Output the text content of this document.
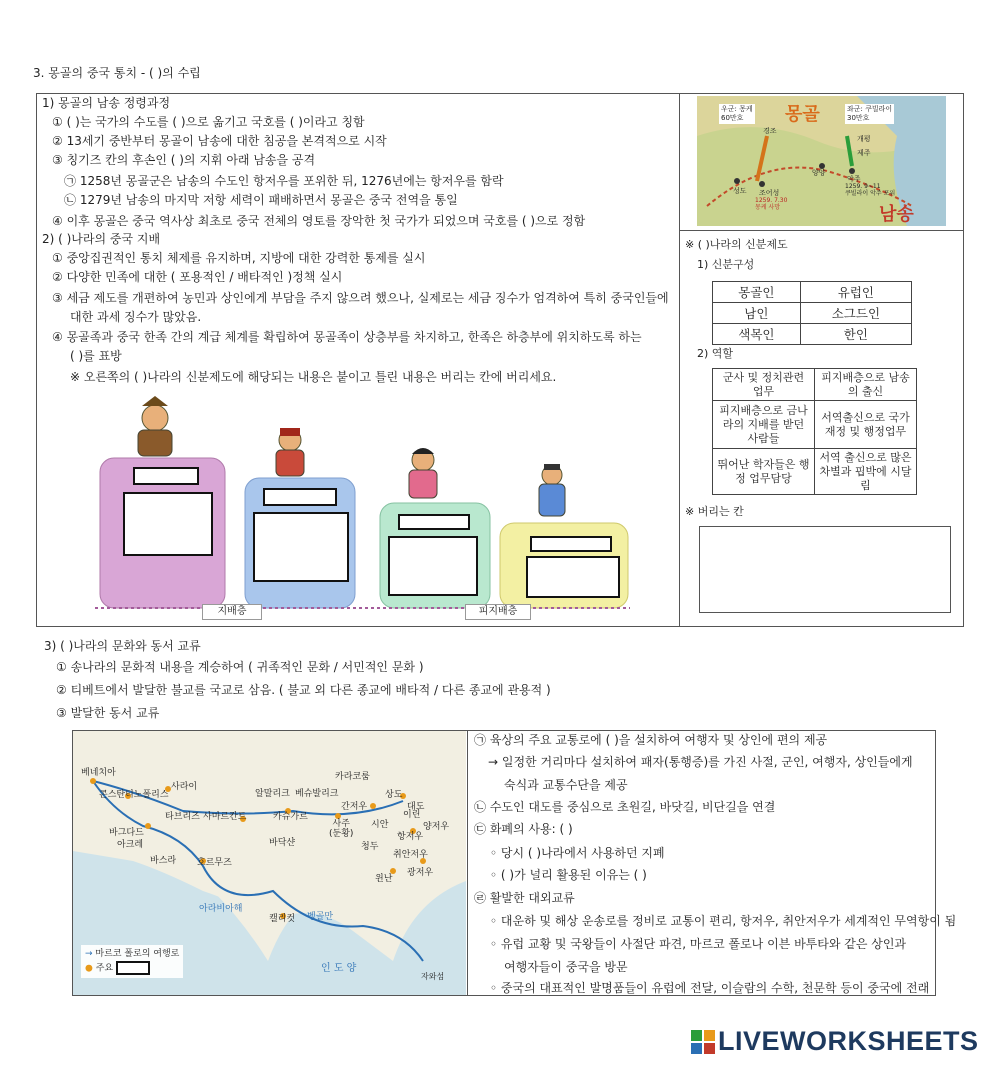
3. 몽골의 중국 통치 - ( )의 수립
1) 몽골의 남송 정령과정
① ( )는 국가의 수도를 ( )으로 옮기고 국호를 ( )이라고 칭함
② 13세기 중반부터 몽골이 남송에 대한 침공을 본격적으로 시작
③ 칭기즈 칸의 후손인 ( )의 지휘 아래 남송을 공격
㉠ 1258년 몽골군은 남송의 수도인 항저우를 포위한 뒤, 1276년에는 항저우를 함락
㉡ 1279년 남송의 마지막 저항 세력이 패배하면서 몽골은 중국 전역을 통일
④ 이후 몽골은 중국 역사상 최초로 중국 전체의 영토를 장악한 첫 국가가 되었으며 국호를 ( )으로 정함
2) ( )나라의 중국 지배
① 중앙집권적인 통치 체제를 유지하며, 지방에 대한 강력한 통제를 실시
② 다양한 민족에 대한 ( 포용적인 / 배타적인 )정책 실시
③ 세금 제도를 개편하여 농민과 상인에게 부담을 주지 않으려 했으나, 실제로는 세금 징수가 엄격하여 특히 중국인들에
대한 과세 징수가 많았음.
④ 몽골족과 중국 한족 간의 계급 체계를 확립하여 몽골족이 상층부를 차지하고, 한족은 하층부에 위치하도록 하는
( )를 표방
※ 오른쪽의 ( )나라의 신분제도에 해당되는 내용은 붙이고 틀린 내용은 버리는 칸에 버리세요.
지배층	피지배층
몽골
남송
우군: 몽케
60만호
좌군: 쿠빌라이
30만호
경조
개평
제주
양양
악주
성도 조어성
1259. 9~11
쿠빌라이 악주 포위
1259. 7.30
몽케 사망
※ ( )나라의 신분제도
1) 신분구성
몽골인	유럽인
남인	소그드인
색목인	한인
2) 역할
군사 및 정치관련 업무	피지배층으로 남송의 출신
피지배층으로 금나라의 지배를 받던 사람들	서역출신으로 국가 재정 및 행정업무
뛰어난 학자들은 행정 업무담당	서역 출신으로 많은 차별과 핍박에 시달림
※ 버리는 칸
3) ( )나라의 문화와 동서 교류
① 송나라의 문화적 내용을 계승하여 ( 귀족적인 문화 / 서민적인 문화 )
② 티베트에서 발달한 불교를 국교로 삼음. ( 불교 외 다른 종교에 배타적 / 다른 종교에 관용적 )
③ 발달한 동서 교류
베네치아
콘스탄티노폴리스
사라이
타브리즈
바그다드
아크레
바스라 호르무즈
사마르칸트	카슈가르
알말리크 베슈발리크
카라코룸
상도
대도
간저우
사주
(둔황)
시안
항저우
양저우
이린
취안저우
광저우
청두
윈난
바닥샨
캘리컷
아라비아해
벵골만
인 도 양
자와섬
→ 마르코 폴로의 여행로
● 주요
㉠ 육상의 주요 교통로에 ( )을 설치하여 여행자 및 상인에 편의 제공
→ 일정한 거리마다 설치하여 패자(통행증)를 가진 사절, 군인, 여행자, 상인들에게
숙식과 교통수단을 제공
㉡ 수도인 대도를 중심으로 초원길, 바닷길, 비단길을 연결
㉢ 화폐의 사용: ( )
◦ 당시 ( )나라에서 사용하던 지폐
◦ ( )가 널리 활용된 이유는 ( )
㉣ 활발한 대외교류
◦ 대운하 및 해상 운송로를 정비로 교통이 편리, 항저우, 취안저우가 세계적인 무역항이 됨
◦ 유럽 교황 및 국왕들이 사절단 파견, 마르코 폴로나 이븐 바투타와 같은 상인과
여행자들이 중국을 방문
◦ 중국의 대표적인 발명품들이 유럽에 전달, 이슬람의 수학, 천문학 등이 중국에 전래
LIVEWORKSHEETS
